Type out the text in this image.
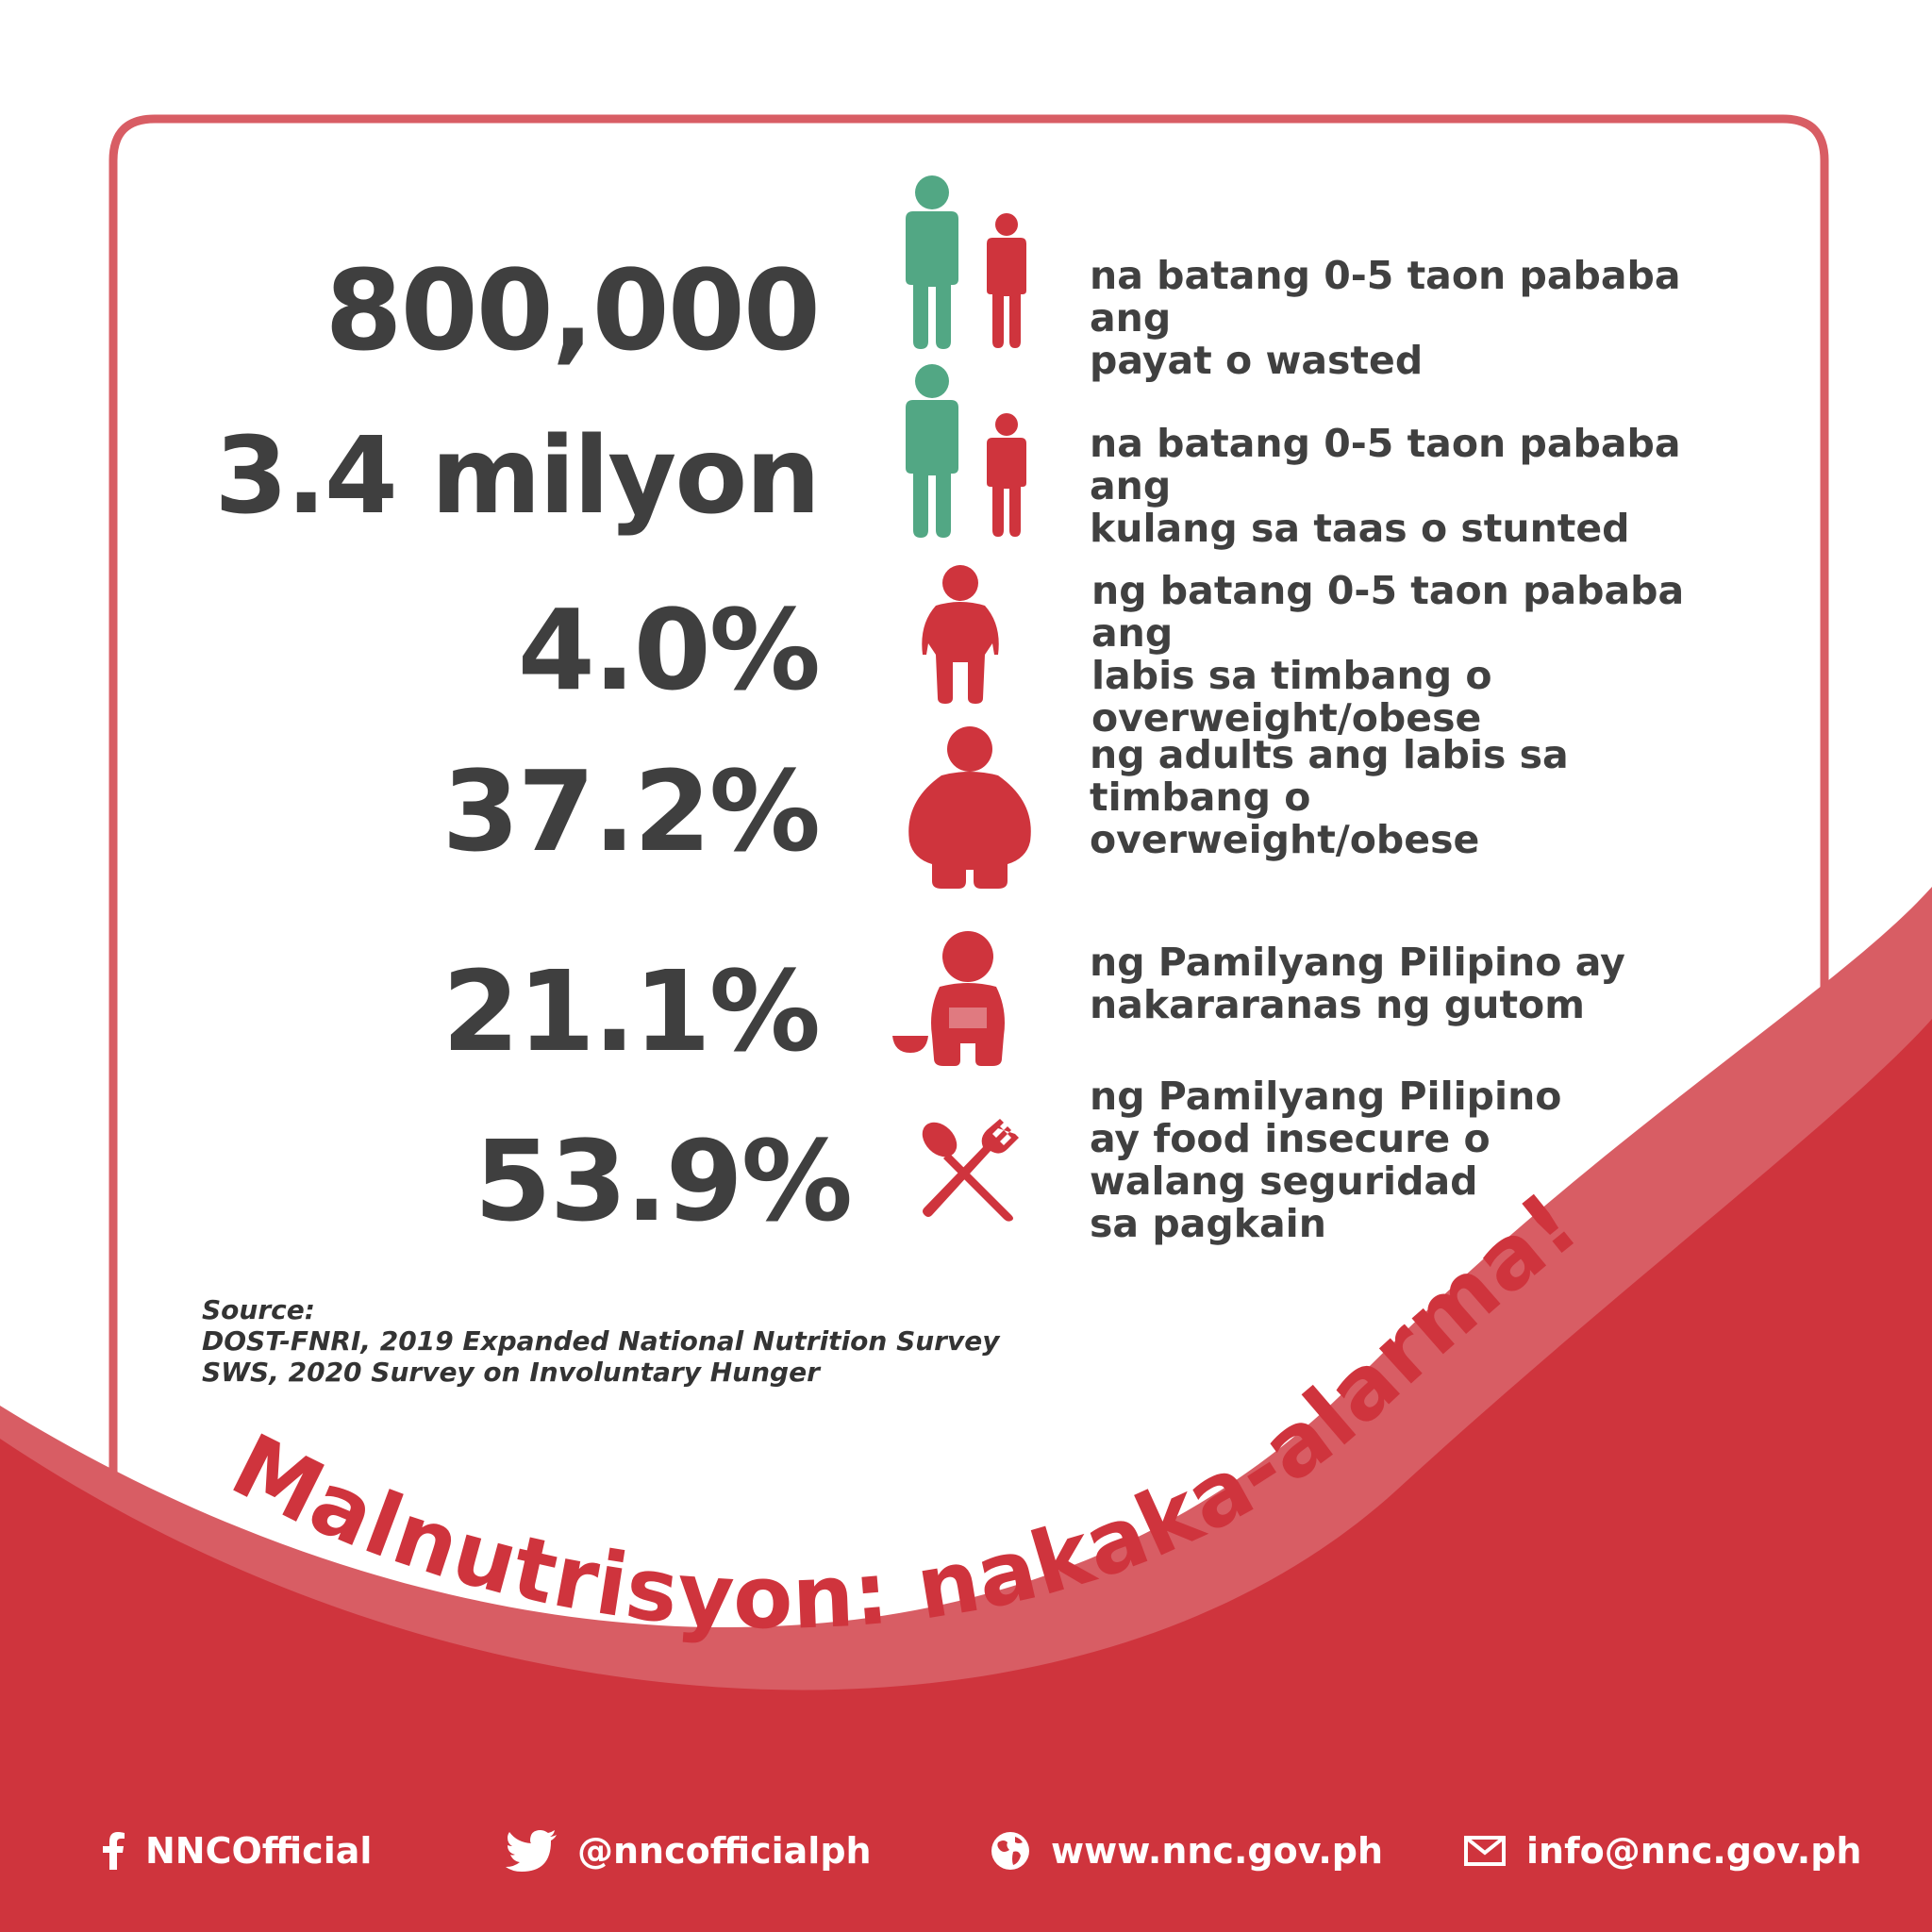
800,000	na batang 0-5 taon pababa ang
payat o wasted
3.4 milyon	na batang 0-5 taon pababa ang
kulang sa taas o stunted
4.0%	ng batang 0-5 taon pababa ang
labis sa timbang o
overweight/obese
37.2%	ng adults ang labis sa
timbang o
overweight/obese
21.1%	ng Pamilyang Pilipino ay
nakararanas ng gutom
53.9%
ng Pamilyang Pilipino
ay food insecure o
walang seguridad
sa pagkain
Source:
DOST-FNRI, 2019 Expanded National Nutrition Survey
SWS, 2020 Survey on Involuntary Hunger
Malnutrisyon: nakaka-alarma!
NNCOfficial	@nncofficialph	www.nnc.gov.ph	info@nnc.gov.ph
